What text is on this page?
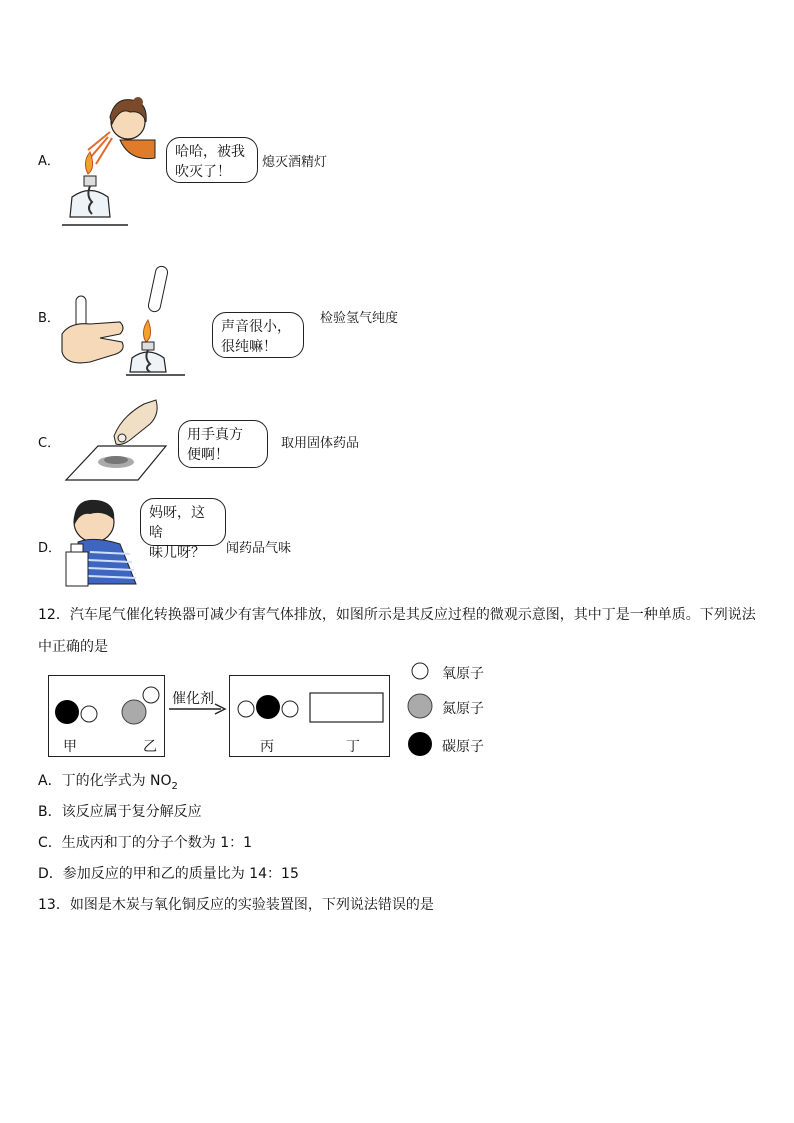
A．
哈哈，被我
吹灭了！
熄灭酒精灯
B．
声音很小，
很纯嘛！
检验氢气纯度
C．
用手真方
便啊！
取用固体药品
D．
妈呀，这啥
味儿呀？	闻药品气味
12．汽车尾气催化转换器可减少有害气体排放，如图所示是其反应过程的微观示意图，其中丁是一种单质。下列说法
中正确的是
甲	乙
催化剂
丙	丁
氧原子
氮原子
碳原子
A．丁的化学式为 $NO_2$
B．该反应属于复分解反应
C．生成丙和丁的分子个数为 1：1
D．参加反应的甲和乙的质量比为 14：15
13．如图是木炭与氧化铜反应的实验装置图，下列说法错误的是
